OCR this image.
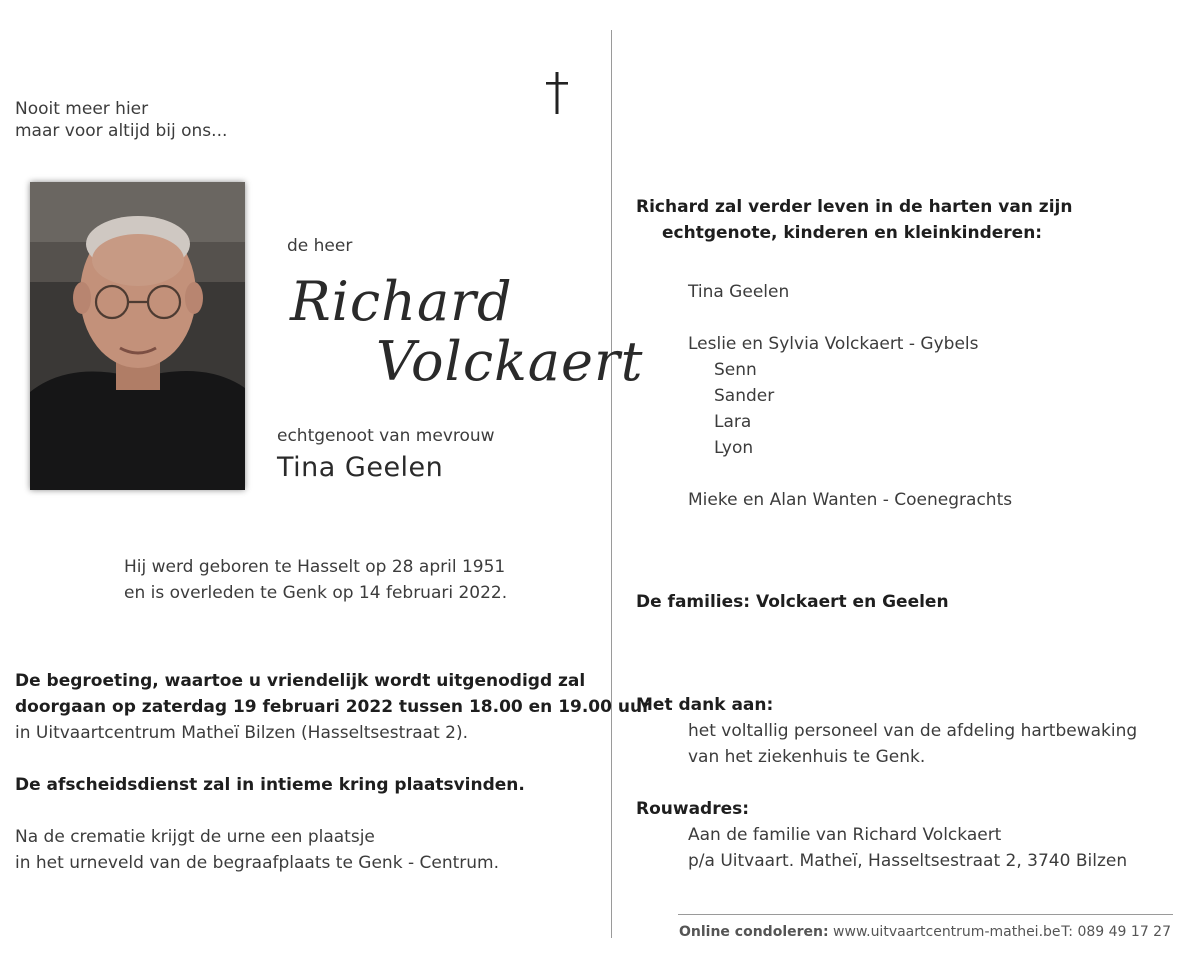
Nooit meer hier
maar voor altijd bij ons...
de heer
Richard
Volckaert
echtgenoot van mevrouw
Tina Geelen
Hij werd geboren te Hasselt op 28 april 1951
en is overleden te Genk op 14 februari 2022.
De begroeting, waartoe u vriendelijk wordt uitgenodigd zal
doorgaan op zaterdag 19 februari 2022 tussen 18.00 en 19.00 uur
in Uitvaartcentrum Matheï Bilzen (Hasseltsestraat 2).
De afscheidsdienst zal in intieme kring plaatsvinden.
Na de crematie krijgt de urne een plaatsje
in het urneveld van de begraafplaats te Genk - Centrum.
Richard zal verder leven in de harten van zijn
echtgenote, kinderen en kleinkinderen:
Tina Geelen
Leslie en Sylvia Volckaert - Gybels
Senn
Sander
Lara
Lyon
Mieke en Alan Wanten - Coenegrachts
De families: Volckaert en Geelen
Met dank aan:
het voltallig personeel van de afdeling hartbewaking
van het ziekenhuis te Genk.
Rouwadres:
Aan de familie van Richard Volckaert
p/a Uitvaart. Matheï, Hasseltsestraat 2, 3740 Bilzen
Online condoleren: www.uitvaartcentrum-mathei.be T: 089 49 17 27
